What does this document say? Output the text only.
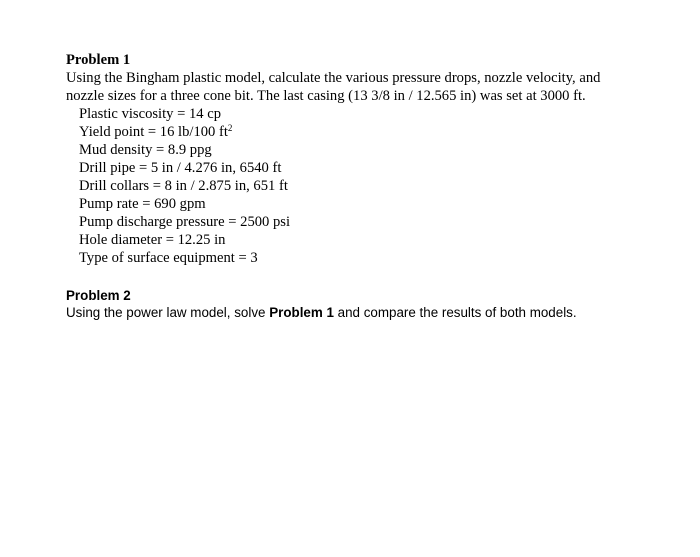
Problem 1
Using the Bingham plastic model, calculate the various pressure drops, nozzle velocity, and
nozzle sizes for a three cone bit. The last casing (13 3/8 in / 12.565 in) was set at 3000 ft.
Plastic viscosity = 14 cp
Yield point = 16 lb/100 $ft^2$
Mud density = 8.9 ppg
Drill pipe = 5 in / 4.276 in, 6540 ft
Drill collars = 8 in / 2.875 in, 651 ft
Pump rate = 690 gpm
Pump discharge pressure = 2500 psi
Hole diameter = 12.25 in
Type of surface equipment = 3
Problem 2
Using the power law model, solve Problem 1 and compare the results of both models.
